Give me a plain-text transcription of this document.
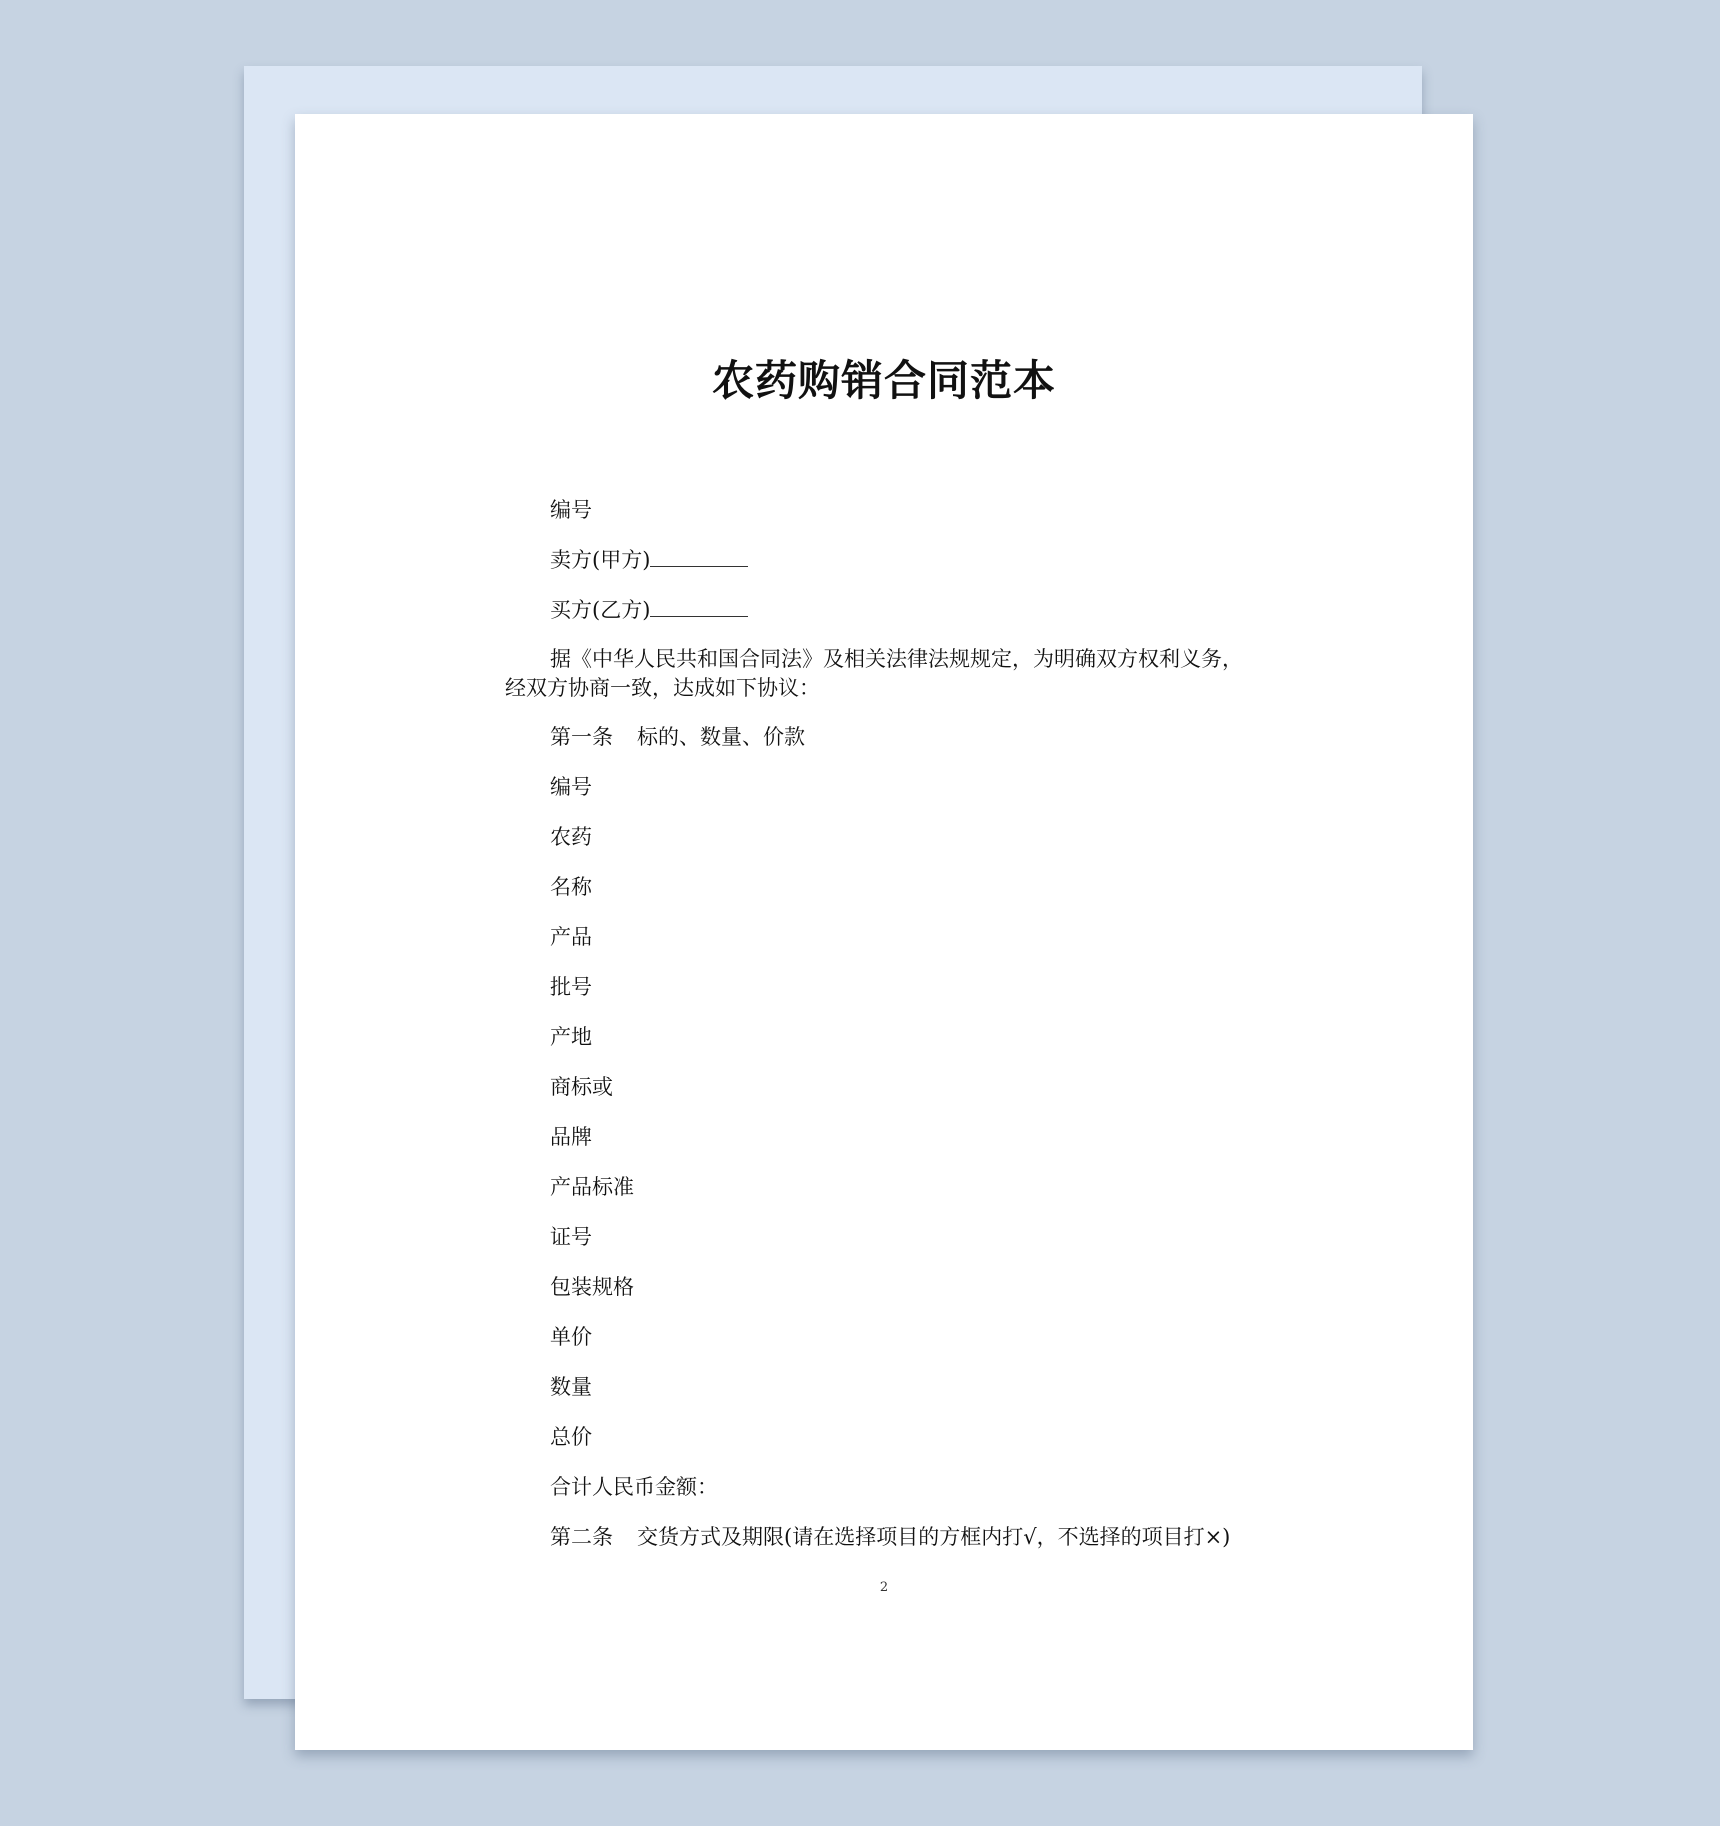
农药购销合同范本
编号
卖方(甲方)
买方(乙方)
据《中华人民共和国合同法》及相关法律法规规定，为明确双方权利义务，
经双方协商一致，达成如下协议：
第一条 标的、数量、价款
编号
农药
名称
产品
批号
产地
商标或
品牌
产品标准
证号
包装规格
单价
数量
总价
合计人民币金额：
第二条 交货方式及期限(请在选择项目的方框内打√，不选择的项目打×)
2
